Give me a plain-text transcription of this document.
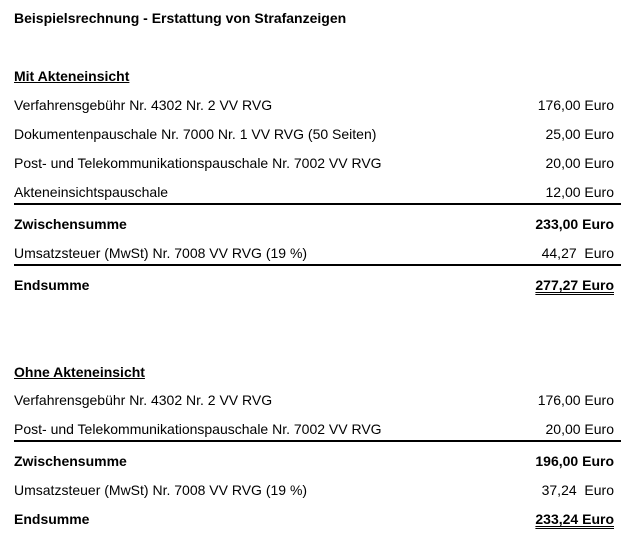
Beispielsrechnung - Erstattung von Strafanzeigen
Mit Akteneinsicht
Verfahrensgebühr Nr. 4302 Nr. 2 VV RVG	176,00 Euro
Dokumentenpauschale Nr. 7000 Nr. 1 VV RVG (50 Seiten)	25,00 Euro
Post- und Telekommunikationspauschale Nr. 7002 VV RVG	20,00 Euro
Akteneinsichtspauschale	12,00 Euro
Zwischensumme	233,00 Euro
Umsatzsteuer (MwSt) Nr. 7008 VV RVG (19 %)	44,27  Euro
Endsumme	277,27 Euro
Ohne Akteneinsicht
Verfahrensgebühr Nr. 4302 Nr. 2 VV RVG	176,00 Euro
Post- und Telekommunikationspauschale Nr. 7002 VV RVG	20,00 Euro
Zwischensumme	196,00 Euro
Umsatzsteuer (MwSt) Nr. 7008 VV RVG (19 %)	37,24  Euro
Endsumme	233,24 Euro
